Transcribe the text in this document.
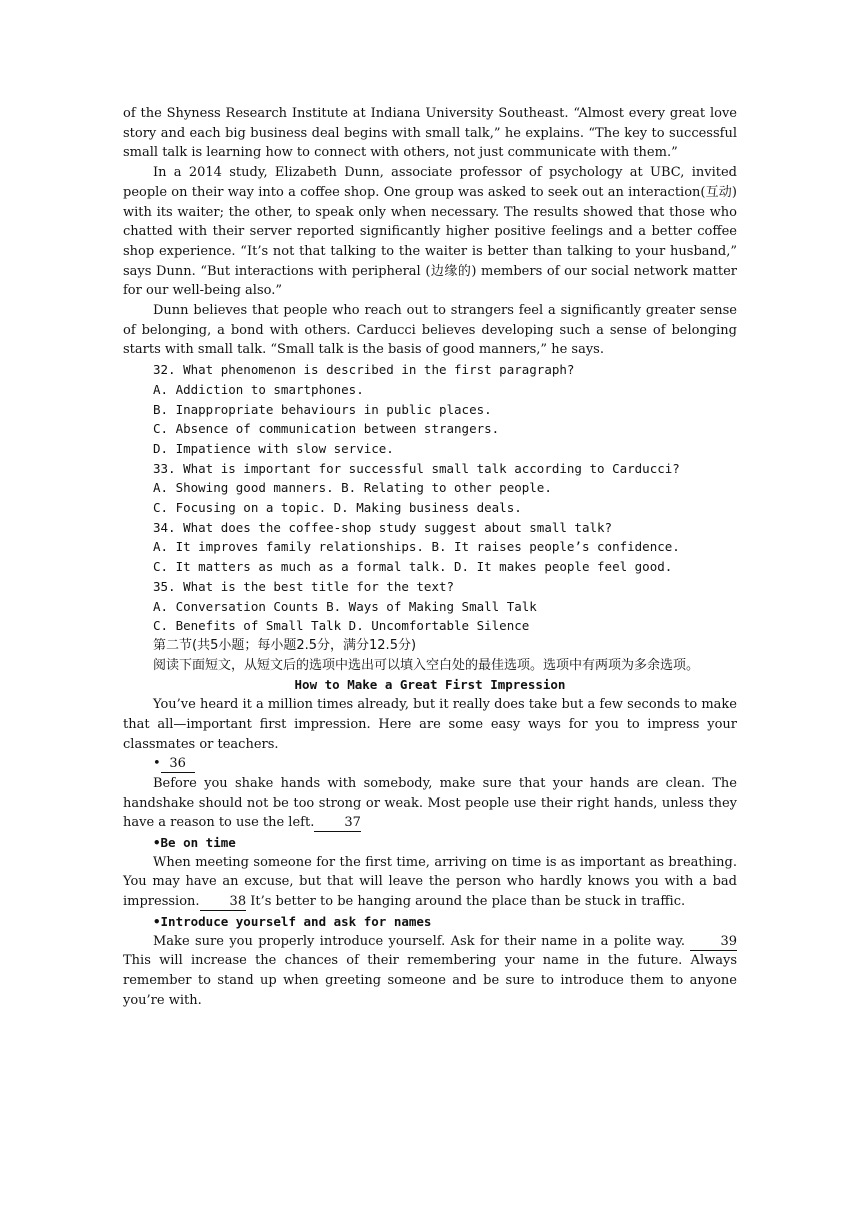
of the Shyness Research Institute at Indiana University Southeast. “Almost every great love story and each big business deal begins with small talk,” he explains. “The key to successful small talk is learning how to connect with others, not just communicate with them.”

In a 2014 study, Elizabeth Dunn, associate professor of psychology at UBC, invited people on their way into a coffee shop. One group was asked to seek out an interaction(互动) with its waiter; the other, to speak only when necessary. The results showed that those who chatted with their server reported significantly higher positive feelings and a better coffee shop experience. “It’s not that talking to the waiter is better than talking to your husband,” says Dunn. “But interactions with peripheral (边缘的) members of our social network matter for our well-being also.”

Dunn believes that people who reach out to strangers feel a significantly greater sense of belonging, a bond with others. Carducci believes developing such a sense of belonging starts with small talk. “Small talk is the basis of good manners,” he says.

32. What phenomenon is described in the first paragraph?
A. Addiction to smartphones.
B. Inappropriate behaviours in public places.
C. Absence of communication between strangers.
D. Impatience with slow service.
33. What is important for successful small talk according to Carducci?
A. Showing good manners. B. Relating to other people.
C. Focusing on a topic. D. Making business deals.
34. What does the coffee-shop study suggest about small talk?
A. It improves family relationships. B. It raises people’s confidence.
C. It matters as much as a formal talk. D. It makes people feel good.
35. What is the best title for the text?
A. Conversation Counts B. Ways of Making Small Talk
C. Benefits of Small Talk D. Uncomfortable Silence
第二节(共5小题；每小题2.5分，满分12.5分)

阅读下面短文，从短文后的选项中选出可以填入空白处的最佳选项。选项中有两项为多余选项。

How to Make a Great First Impression

You’ve heard it a million times already, but it really does take but a few seconds to make that all—important first impression. Here are some easy ways for you to impress your classmates or teachers.

• 36

Before you shake hands with somebody, make sure that your hands are clean. The handshake should not be too strong or weak. Most people use their right hands, unless they have a reason to use the left. 37

•Be on time

When meeting someone for the first time, arriving on time is as important as breathing. You may have an excuse, but that will leave the person who hardly knows you with a bad impression. 38 It’s better to be hanging around the place than be stuck in traffic.

•Introduce yourself and ask for names

Make sure you properly introduce yourself. Ask for their name in a polite way.	39 This will increase the chances of their remembering your name in the future. Always remember to stand up when greeting someone and be sure to introduce them to anyone you’re with.
